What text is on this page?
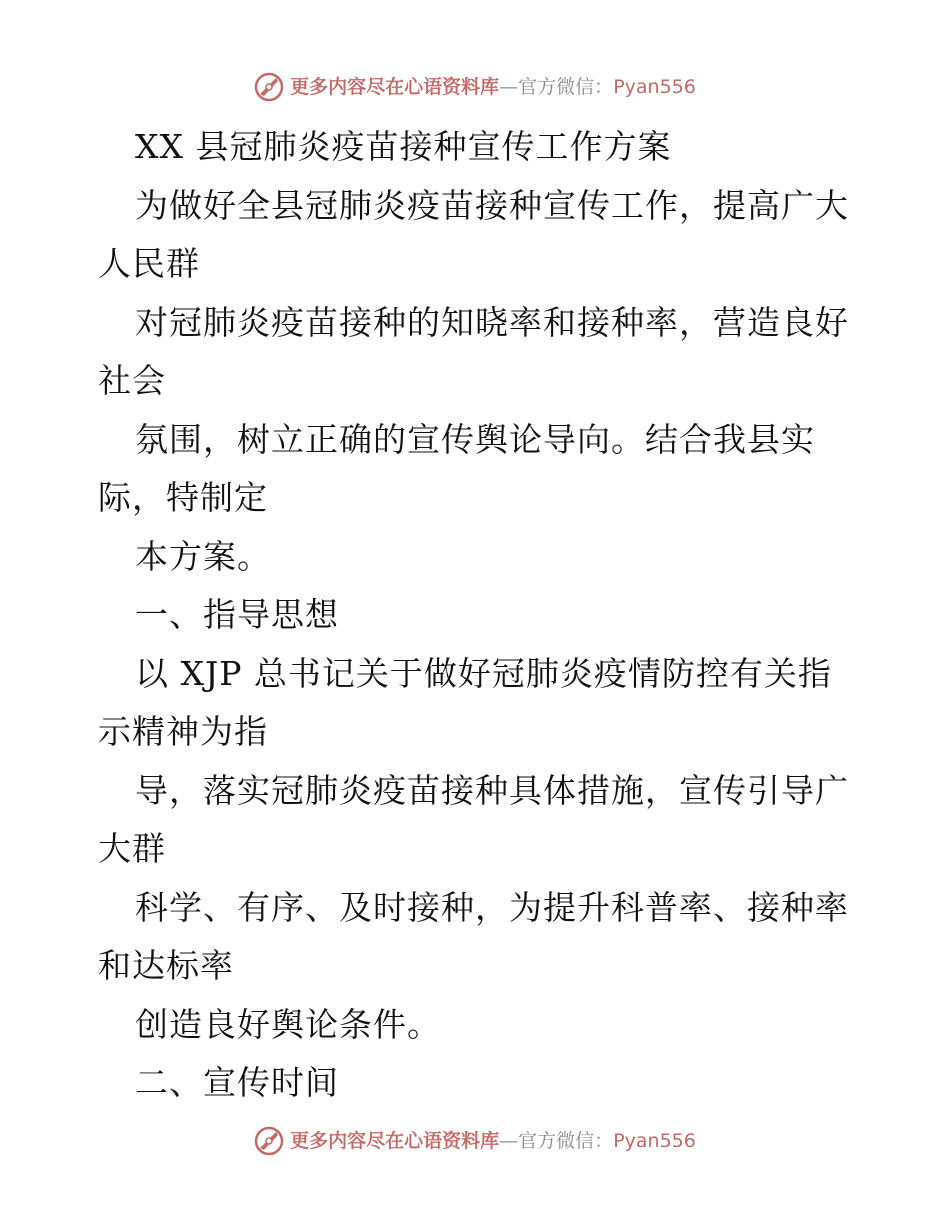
更多内容尽在心语资料库 — 官方微信： Pyan556
XX 县冠肺炎疫苗接种宣传工作方案
为做好全县冠肺炎疫苗接种宣传工作，提高广大
人民群
对冠肺炎疫苗接种的知晓率和接种率，营造良好
社会
氛围，树立正确的宣传舆论导向。结合我县实
际，特制定
本方案。
一、指导思想
以 XJP 总书记关于做好冠肺炎疫情防控有关指
示精神为指
导，落实冠肺炎疫苗接种具体措施，宣传引导广
大群
科学、有序、及时接种，为提升科普率、接种率
和达标率
创造良好舆论条件。
二、宣传时间
更多内容尽在心语资料库 — 官方微信： Pyan556
